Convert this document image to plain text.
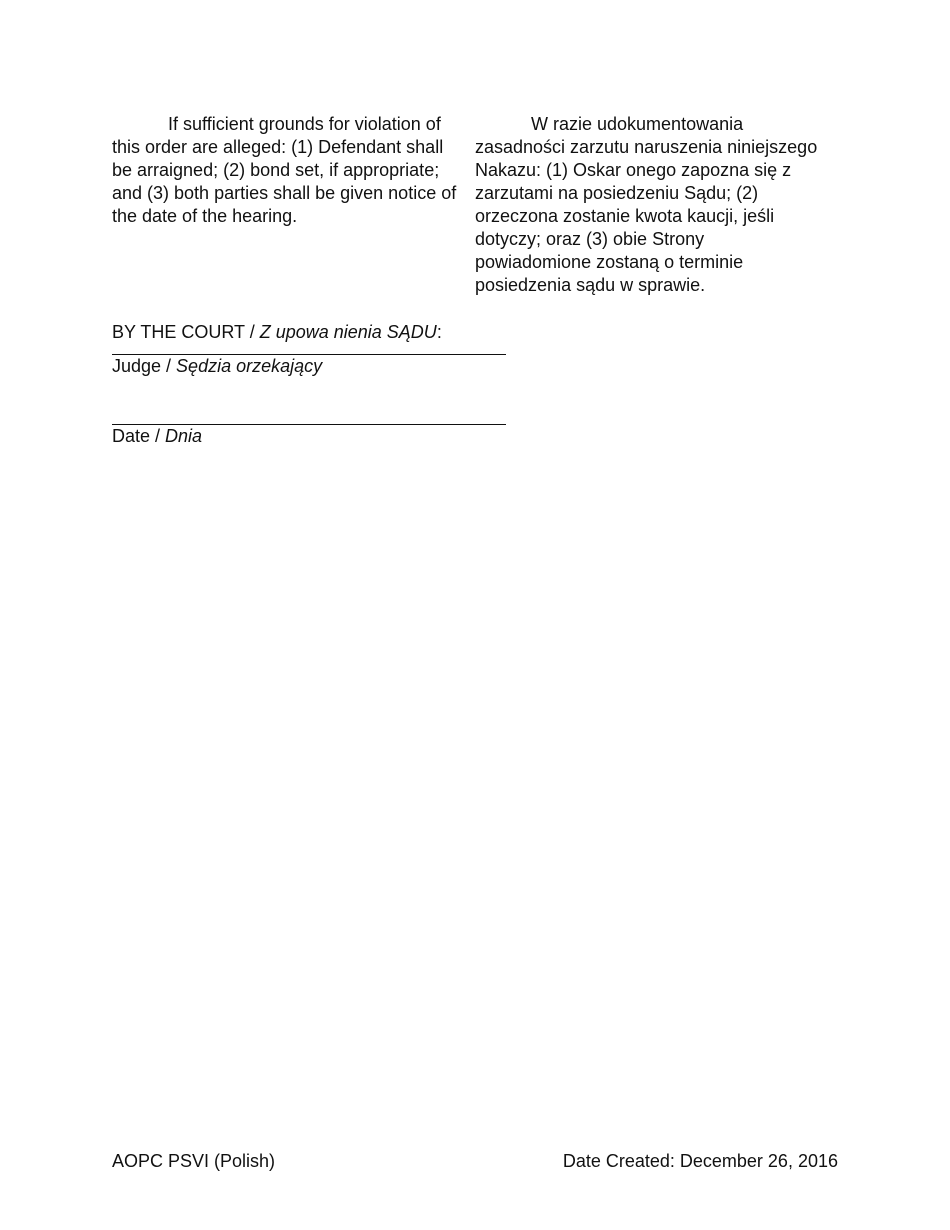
If sufficient grounds for violation of this order are alleged: (1) Defendant shall be arraigned; (2) bond set, if appropriate; and (3) both parties shall be given notice of the date of the hearing.

W razie udokumentowania zasadności zarzutu naruszenia niniejszego Nakazu: (1) Oskar onego zapozna się z zarzutami na posiedzeniu Sądu; (2) orzeczona zostanie kwota kaucji, jeśli dotyczy; oraz (3) obie Strony powiadomione zostaną o terminie posiedzenia sądu w sprawie.

BY THE COURT / Z upowa nienia SĄDU:
Judge / Sędzia orzekający
Date / Dnia
AOPC PSVI (Polish)	Date Created: December 26, 2016
